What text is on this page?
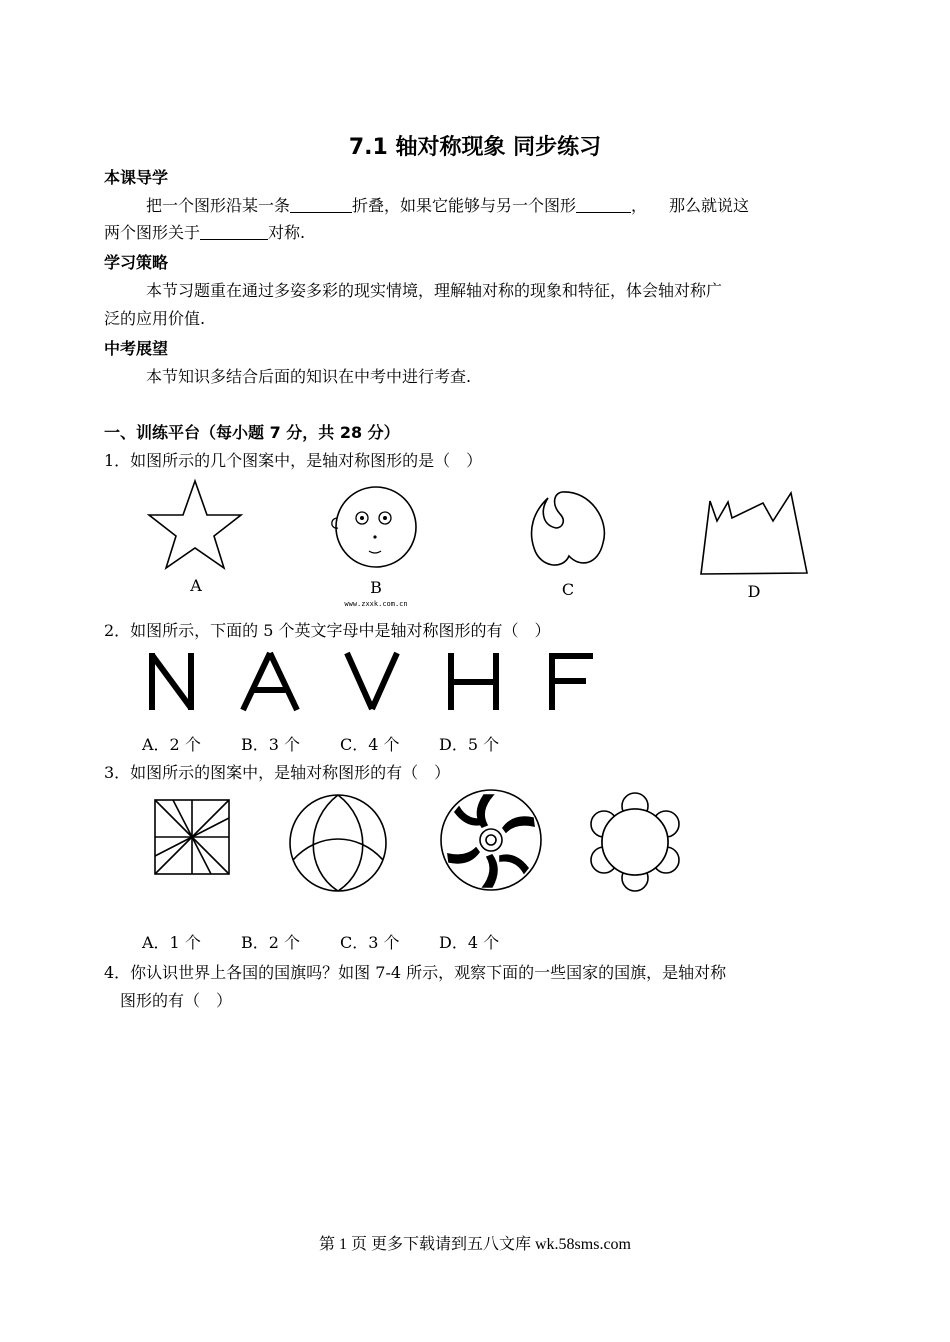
7.1 轴对称现象 同步练习
本课导学
把一个图形沿某一条	折叠，如果它能够与另一个图形	， 那么就说这
两个图形关于	对称.
学习策略
本节习题重在通过多姿多彩的现实情境，理解轴对称的现象和特征，体会轴对称广
泛的应用价值.
中考展望
本节知识多结合后面的知识在中考中进行考查.
一、训练平台（每小题 7 分，共 28 分）
1．如图所示的几个图案中，是轴对称图形的是（　）
A	B	C	D
www.zxxk.com.cn
2．如图所示，下面的 5 个英文字母中是轴对称图形的有（　）
A．2 个	B．3 个 C．4 个 D．5 个
3．如图所示的图案中，是轴对称图形的有（　）
A．1 个	B．2 个 C．3 个 D．4 个
4．你认识世界上各国的国旗吗？如图 7-4 所示，观察下面的一些国家的国旗，是轴对称
图形的有（　）
第 1 页 更多下载请到五八文库 wk.58sms.com
